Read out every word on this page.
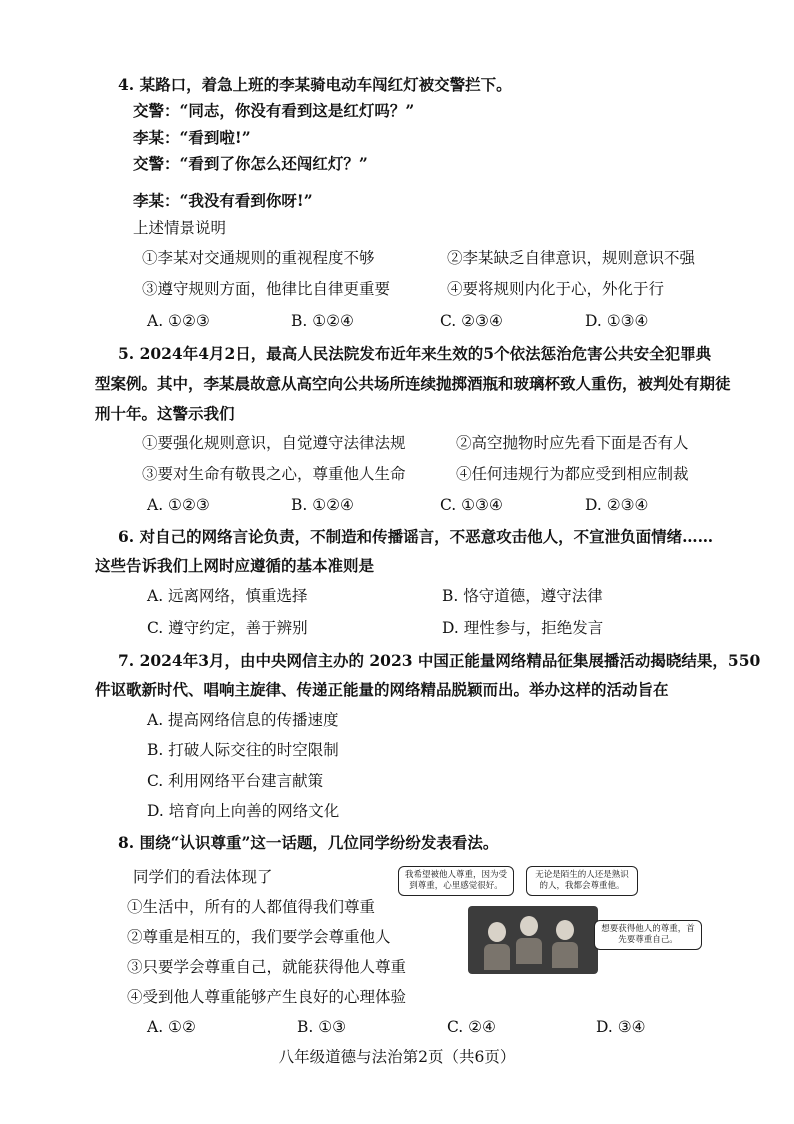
4. 某路口，着急上班的李某骑电动车闯红灯被交警拦下。
交警：“同志，你没有看到这是红灯吗？”
李某：“看到啦!”
交警：“看到了你怎么还闯红灯？”
李某：“我没有看到你呀!”
上述情景说明
①李某对交通规则的重视程度不够	②李某缺乏自律意识，规则意识不强
③遵守规则方面，他律比自律更重要	④要将规则内化于心，外化于行
A. ①②③	B. ①②④	C. ②③④	D. ①③④
5. 2024年4月2日，最高人民法院发布近年来生效的5个依法惩治危害公共安全犯罪典
型案例。其中，李某晨故意从高空向公共场所连续抛掷酒瓶和玻璃杯致人重伤，被判处有期徒
刑十年。这警示我们
①要强化规则意识，自觉遵守法律法规	②高空抛物时应先看下面是否有人
③要对生命有敬畏之心，尊重他人生命	④任何违规行为都应受到相应制裁
A. ①②③	B. ①②④	C. ①③④	D. ②③④
6. 对自己的网络言论负责，不制造和传播谣言，不恶意攻击他人，不宣泄负面情绪……
这些告诉我们上网时应遵循的基本准则是
A. 远离网络，慎重选择	B. 恪守道德，遵守法律
C. 遵守约定，善于辨别	D. 理性参与，拒绝发言
7. 2024年3月，由中央网信主办的 2023 中国正能量网络精品征集展播活动揭晓结果，550
件讴歌新时代、唱响主旋律、传递正能量的网络精品脱颖而出。举办这样的活动旨在
A. 提高网络信息的传播速度
B. 打破人际交往的时空限制
C. 利用网络平台建言献策
D. 培育向上向善的网络文化
8. 围绕“认识尊重”这一话题，几位同学纷纷发表看法。
同学们的看法体现了
①生活中，所有的人都值得我们尊重
②尊重是相互的，我们要学会尊重他人
③只要学会尊重自己，就能获得他人尊重
④受到他人尊重能够产生良好的心理体验
A. ①②	B. ①③	C. ②④	D. ③④
我希望被他人尊重，因为受到尊重，心里感觉很好。
无论是陌生的人还是熟识的人，我都会尊重他。
想要获得他人的尊重，首先要尊重自己。
八年级道德与法治第2页（共6页）
